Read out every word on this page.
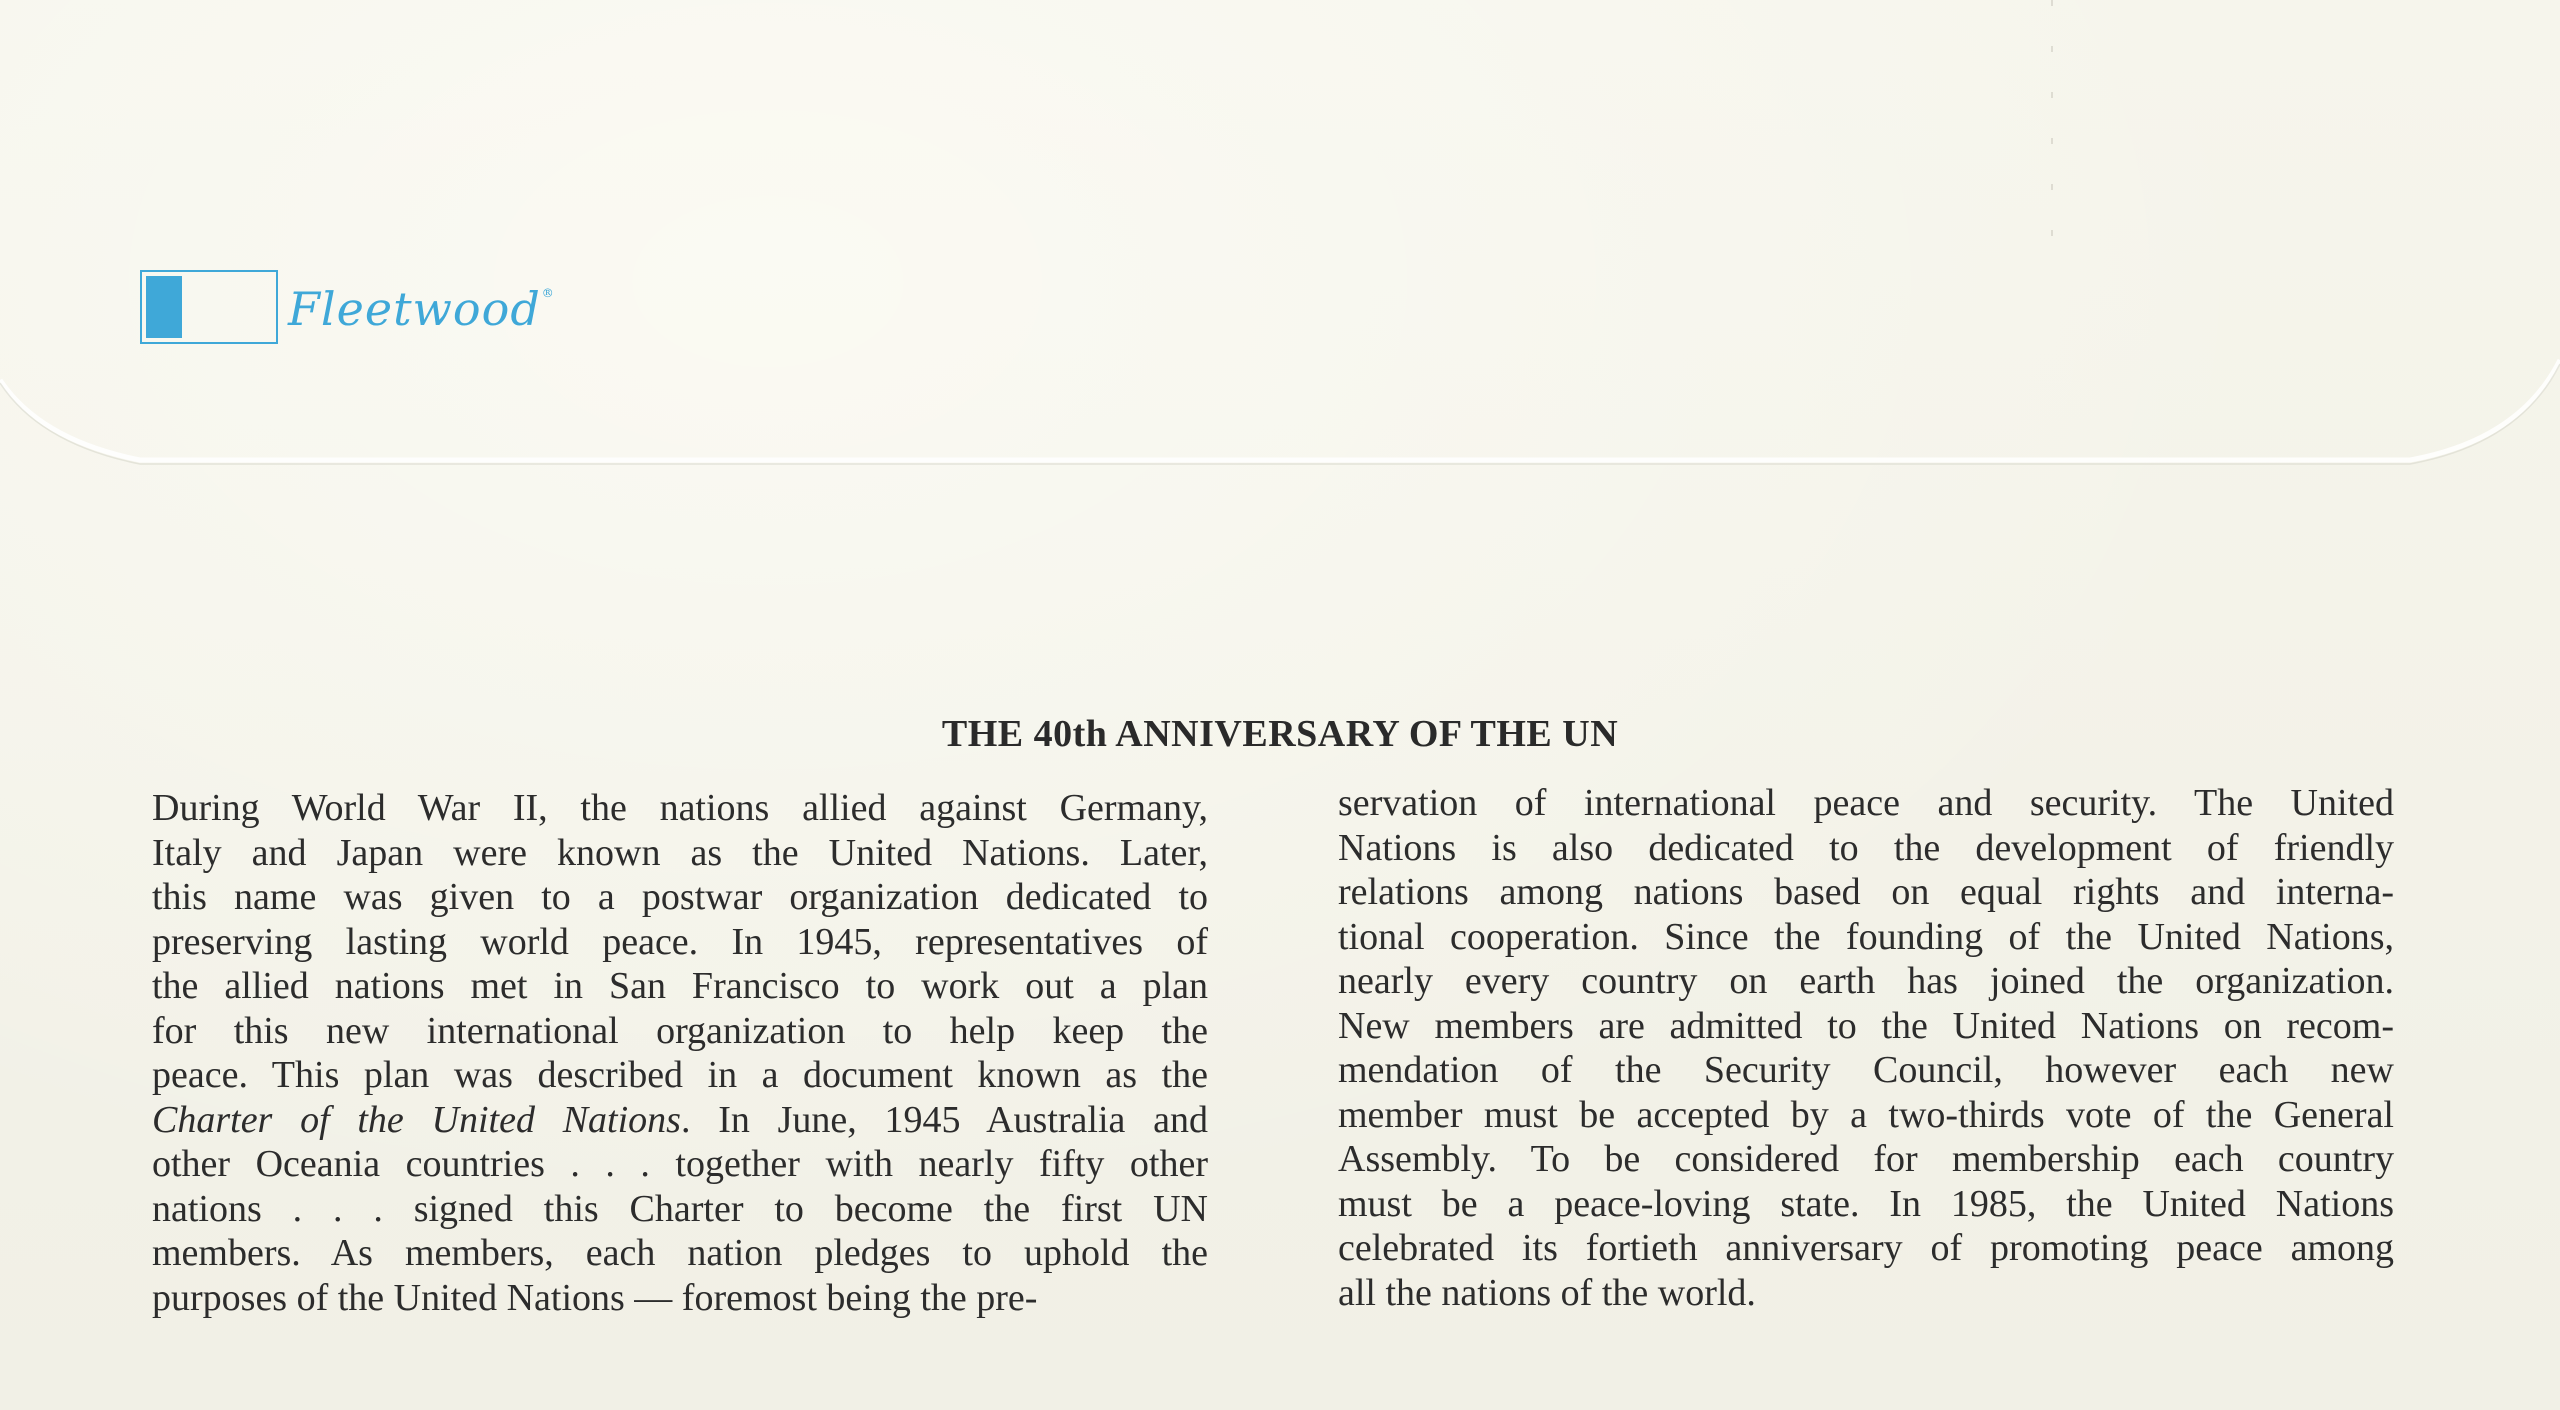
Fleetwood®
THE 40th ANNIVERSARY OF THE UN
During World War II, the nations allied against Germany,
Italy and Japan were known as the United Nations. Later,
this name was given to a postwar organization dedicated to
preserving lasting world peace. In 1945, representatives of
the allied nations met in San Francisco to work out a plan
for this new international organization to help keep the
peace. This plan was described in a document known as the
Charter of the United Nations. In June, 1945 Australia and
other Oceania countries . . . together with nearly fifty other
nations . . . signed this Charter to become the first UN
members. As members, each nation pledges to uphold the
purposes of the United Nations — foremost being the pre-
servation of international peace and security. The United
Nations is also dedicated to the development of friendly
relations among nations based on equal rights and interna-
tional cooperation. Since the founding of the United Nations,
nearly every country on earth has joined the organization.
New members are admitted to the United Nations on recom-
mendation of the Security Council, however each new
member must be accepted by a two-thirds vote of the General
Assembly. To be considered for membership each country
must be a peace-loving state. In 1985, the United Nations
celebrated its fortieth anniversary of promoting peace among
all the nations of the world.
